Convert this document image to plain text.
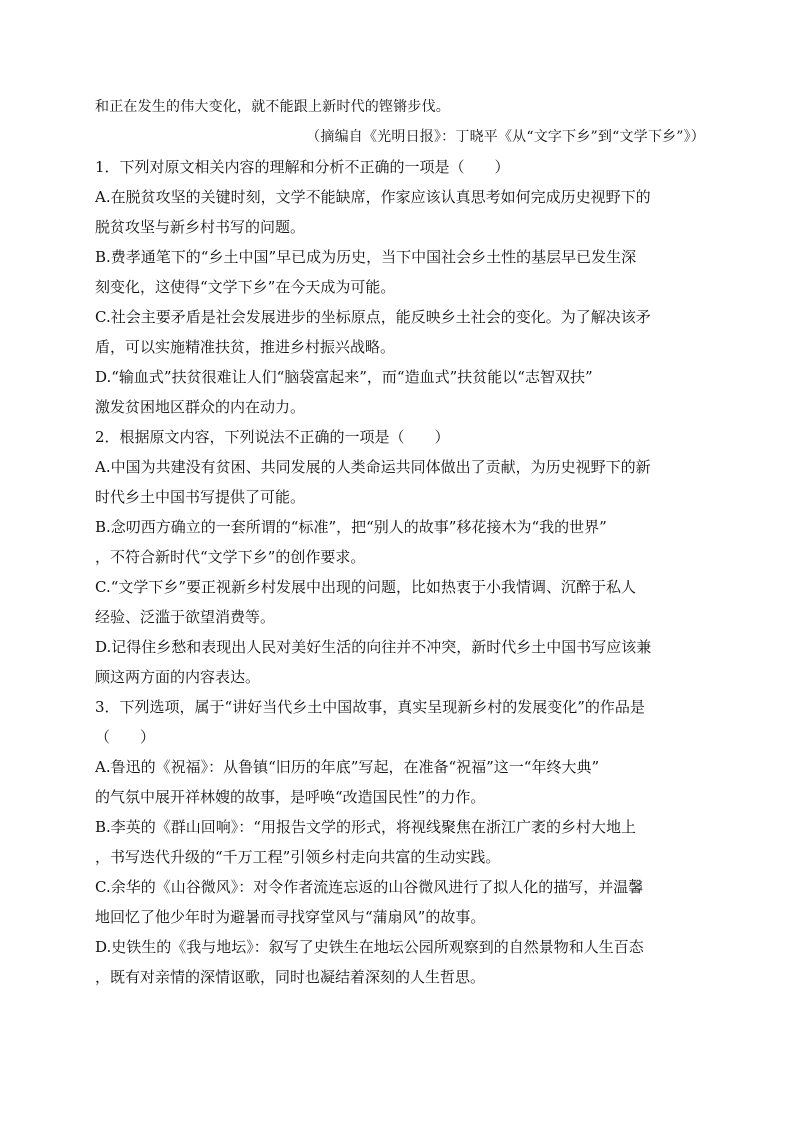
和正在发生的伟大变化，就不能跟上新时代的铿锵步伐。
（摘编自《光明日报》：丁晓平《从“文字下乡”到“文学下乡”》）
1．下列对原文相关内容的理解和分析不正确的一项是（　　）
A.在脱贫攻坚的关键时刻，文学不能缺席，作家应该认真思考如何完成历史视野下的
脱贫攻坚与新乡村书写的问题。
B.费孝通笔下的“乡土中国”早已成为历史，当下中国社会乡土性的基层早已发生深
刻变化，这使得“文学下乡”在今天成为可能。
C.社会主要矛盾是社会发展进步的坐标原点，能反映乡土社会的变化。为了解决该矛
盾，可以实施精准扶贫，推进乡村振兴战略。
D.“输血式”扶贫很难让人们“脑袋富起来”，而“造血式”扶贫能以“志智双扶”
激发贫困地区群众的内在动力。
2．根据原文内容，下列说法不正确的一项是（　　）
A.中国为共建没有贫困、共同发展的人类命运共同体做出了贡献，为历史视野下的新
时代乡土中国书写提供了可能。
B.念叨西方确立的一套所谓的“标准”，把“别人的故事”移花接木为“我的世界”
，不符合新时代“文学下乡”的创作要求。
C.“文学下乡”要正视新乡村发展中出现的问题，比如热衷于小我情调、沉醉于私人
经验、泛滥于欲望消费等。
D.记得住乡愁和表现出人民对美好生活的向往并不冲突，新时代乡土中国书写应该兼
顾这两方面的内容表达。
3．下列选项，属于“讲好当代乡土中国故事，真实呈现新乡村的发展变化”的作品是
（　　）
A.鲁迅的《祝福》：从鲁镇“旧历的年底”写起，在准备“祝福”这一“年终大典”
的气氛中展开祥林嫂的故事，是呼唤“改造国民性”的力作。
B.李英的《群山回响》：“用报告文学的形式，将视线聚焦在浙江广袤的乡村大地上
，书写迭代升级的“千万工程”引领乡村走向共富的生动实践。
C.余华的《山谷微风》：对令作者流连忘返的山谷微风进行了拟人化的描写，并温馨
地回忆了他少年时为避暑而寻找穿堂风与“蒲扇风”的故事。
D.史铁生的《我与地坛》：叙写了史铁生在地坛公园所观察到的自然景物和人生百态
，既有对亲情的深情讴歌，同时也凝结着深刻的人生哲思。
